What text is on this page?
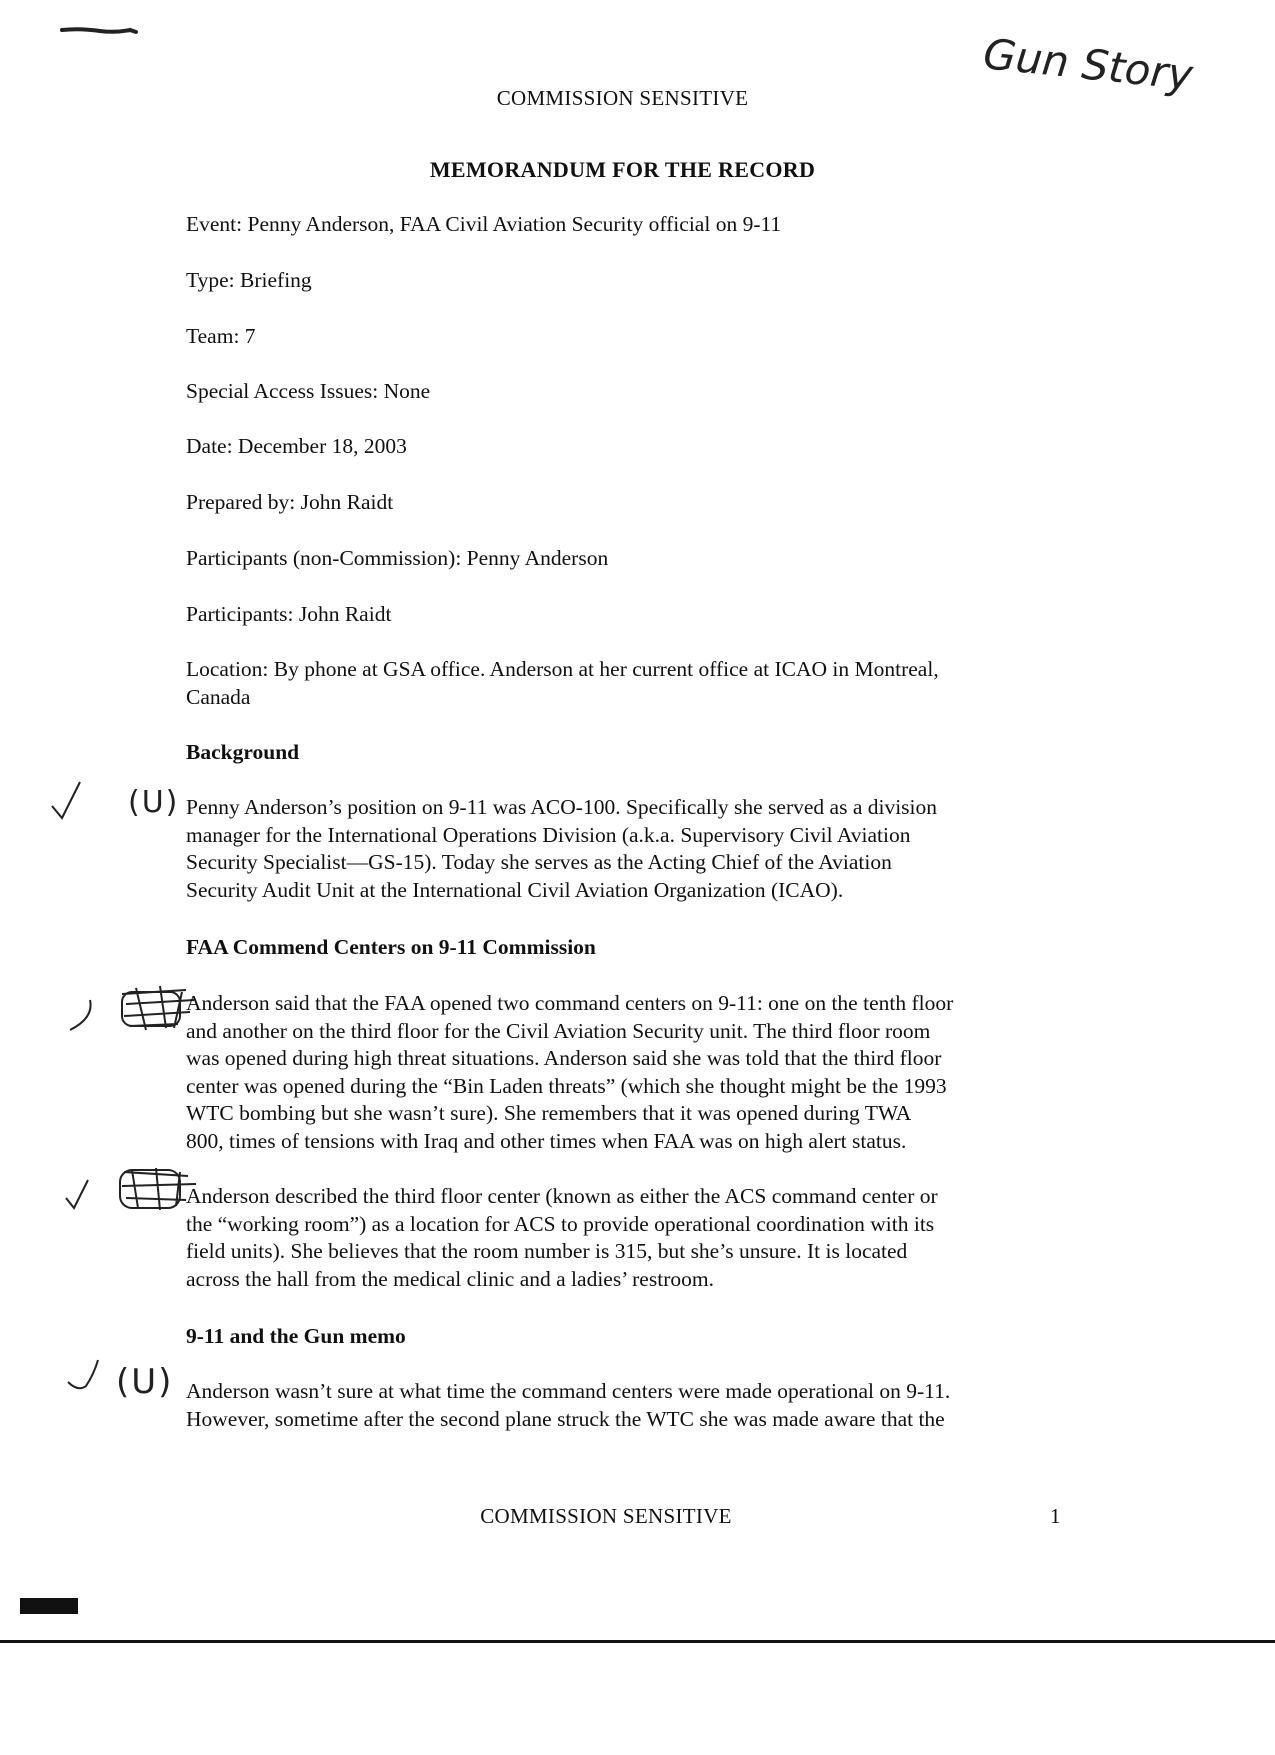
COMMISSION SENSITIVE	Gun Story
MEMORANDUM FOR THE RECORD
Event: Penny Anderson, FAA Civil Aviation Security official on 9-11
Type: Briefing
Team: 7
Special Access Issues: None
Date: December 18, 2003
Prepared by: John Raidt
Participants (non-Commission): Penny Anderson
Participants: John Raidt
Location: By phone at GSA office. Anderson at her current office at ICAO in Montreal,
Canada
Background
(U) Penny Anderson’s position on 9-11 was ACO-100. Specifically she served as a division
manager for the International Operations Division (a.k.a. Supervisory Civil Aviation
Security Specialist—GS-15). Today she serves as the Acting Chief of the Aviation
Security Audit Unit at the International Civil Aviation Organization (ICAO).
FAA Commend Centers on 9-11 Commission
Anderson said that the FAA opened two command centers on 9-11: one on the tenth floor
and another on the third floor for the Civil Aviation Security unit. The third floor room
was opened during high threat situations. Anderson said she was told that the third floor
center was opened during the “Bin Laden threats” (which she thought might be the 1993
WTC bombing but she wasn’t sure). She remembers that it was opened during TWA
800, times of tensions with Iraq and other times when FAA was on high alert status.
Anderson described the third floor center (known as either the ACS command center or
the “working room”) as a location for ACS to provide operational coordination with its
field units). She believes that the room number is 315, but she’s unsure. It is located
across the hall from the medical clinic and a ladies’ restroom.
9-11 and the Gun memo
(U) Anderson wasn’t sure at what time the command centers were made operational on 9-11.
However, sometime after the second plane struck the WTC she was made aware that the
COMMISSION SENSITIVE	1
